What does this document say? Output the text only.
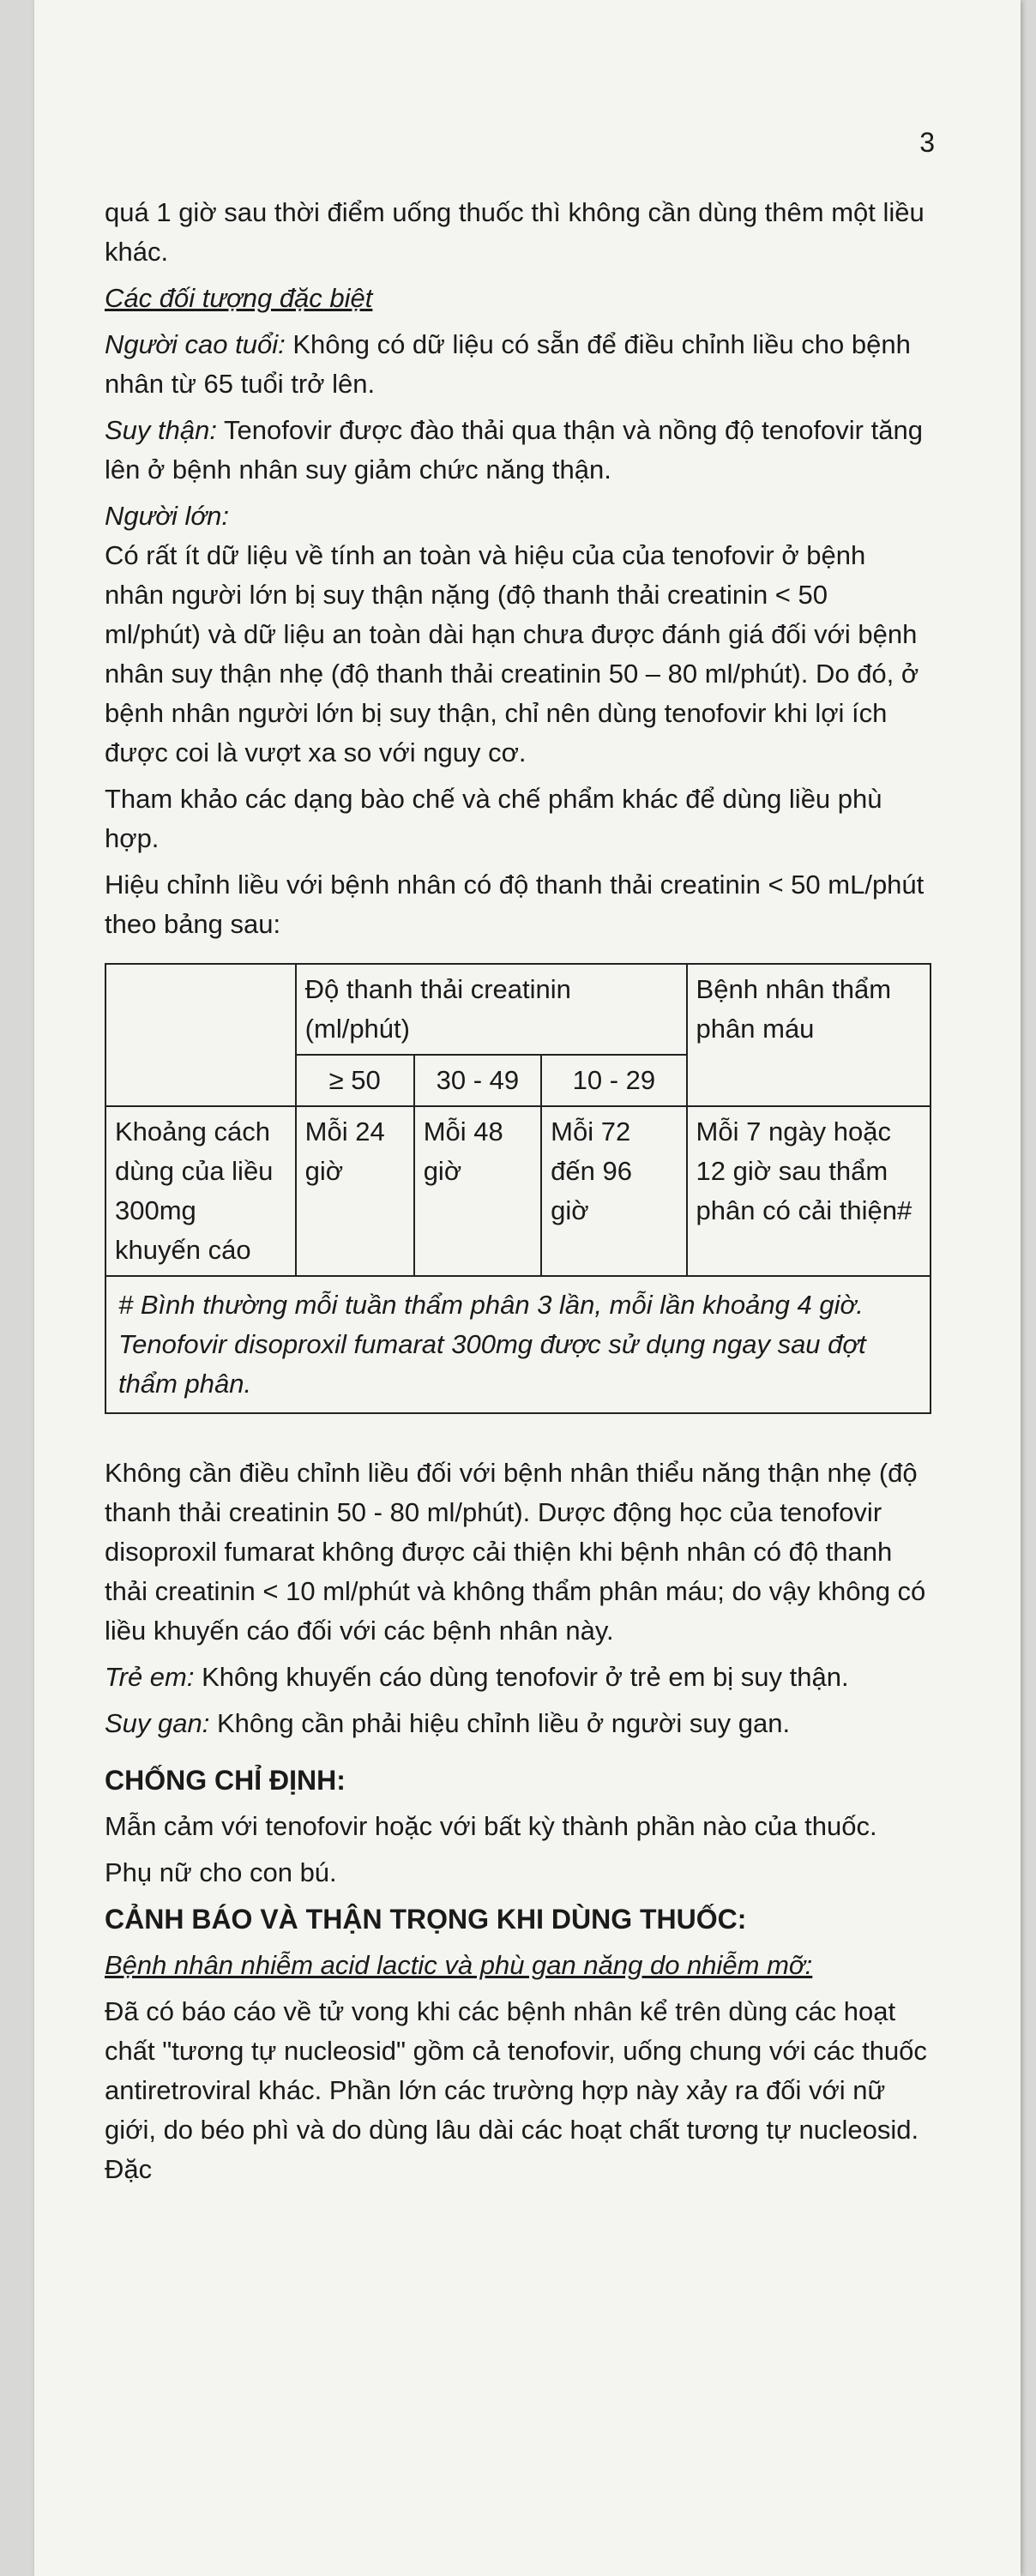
3

quá 1 giờ sau thời điểm uống thuốc thì không cần dùng thêm một liều khác.

Các đối tượng đặc biệt

Người cao tuổi: Không có dữ liệu có sẵn để điều chỉnh liều cho bệnh nhân từ 65 tuổi trở lên.

Suy thận: Tenofovir được đào thải qua thận và nồng độ tenofovir tăng lên ở bệnh nhân suy giảm chức năng thận.

Người lớn:

Có rất ít dữ liệu về tính an toàn và hiệu của của tenofovir ở bệnh nhân người lớn bị suy thận nặng (độ thanh thải creatinin < 50 ml/phút) và dữ liệu an toàn dài hạn chưa được đánh giá đối với bệnh nhân suy thận nhẹ (độ thanh thải creatinin 50 – 80 ml/phút). Do đó, ở bệnh nhân người lớn bị suy thận, chỉ nên dùng tenofovir khi lợi ích được coi là vượt xa so với nguy cơ.

Tham khảo các dạng bào chế và chế phẩm khác để dùng liều phù hợp.

Hiệu chỉnh liều với bệnh nhân có độ thanh thải creatinin < 50 mL/phút theo bảng sau:

	Độ thanh thải creatinin (ml/phút)			Bệnh nhân thẩm phân máu
	≥ 50	30 - 49	10 - 29	
Khoảng cách dùng của liều 300mg khuyến cáo	Mỗi 24 giờ	Mỗi 48 giờ	Mỗi 72 đến 96 giờ	Mỗi 7 ngày hoặc 12 giờ sau thẩm phân có cải thiện#
# Bình thường mỗi tuần thẩm phân 3 lần, mỗi lần khoảng 4 giờ. Tenofovir disoproxil fumarat 300mg được sử dụng ngay sau đợt thẩm phân.				

Không cần điều chỉnh liều đối với bệnh nhân thiểu năng thận nhẹ (độ thanh thải creatinin 50 - 80 ml/phút). Dược động học của tenofovir disoproxil fumarat không được cải thiện khi bệnh nhân có độ thanh thải creatinin < 10 ml/phút và không thẩm phân máu; do vậy không có liều khuyến cáo đối với các bệnh nhân này.

Trẻ em: Không khuyến cáo dùng tenofovir ở trẻ em bị suy thận.

Suy gan: Không cần phải hiệu chỉnh liều ở người suy gan.

CHỐNG CHỈ ĐỊNH:

Mẫn cảm với tenofovir hoặc với bất kỳ thành phần nào của thuốc.

Phụ nữ cho con bú.

CẢNH BÁO VÀ THẬN TRỌNG KHI DÙNG THUỐC:

Bệnh nhân nhiễm acid lactic và phù gan năng do nhiễm mỡ:

Đã có báo cáo về tử vong khi các bệnh nhân kể trên dùng các hoạt chất "tương tự nucleosid" gồm cả tenofovir, uống chung với các thuốc antiretroviral khác. Phần lớn các trường hợp này xảy ra đối với nữ giới, do béo phì và do dùng lâu dài các hoạt chất tương tự nucleosid. Đặc
